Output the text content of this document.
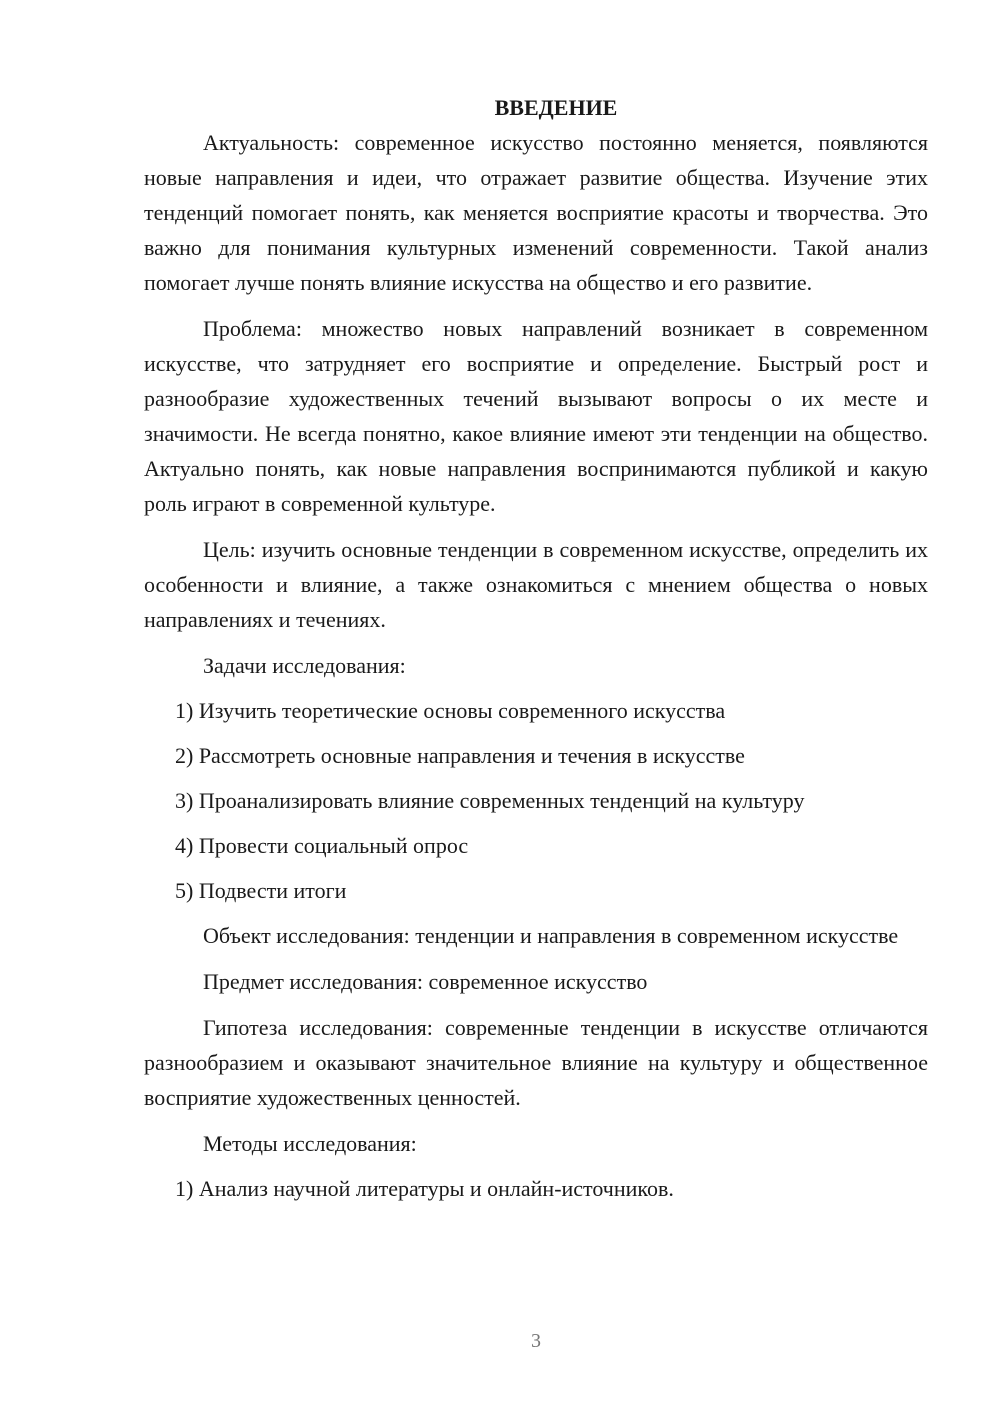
ВВЕДЕНИЕ

Актуальность: современное искусство постоянно меняется, появляются новые направления и идеи, что отражает развитие общества. Изучение этих тенденций помогает понять, как меняется восприятие красоты и творчества. Это важно для понимания культурных изменений современности. Такой анализ помогает лучше понять влияние искусства на общество и его развитие.

Проблема: множество новых направлений возникает в современном искусстве, что затрудняет его восприятие и определение. Быстрый рост и разнообразие художественных течений вызывают вопросы о их месте и значимости. Не всегда понятно, какое влияние имеют эти тенденции на общество. Актуально понять, как новые направления воспринимаются публикой и какую роль играют в современной культуре.

Цель: изучить основные тенденции в современном искусстве, определить их особенности и влияние, а также ознакомиться с мнением общества о новых направлениях и течениях.

Задачи исследования:
1) Изучить теоретические основы современного искусства
2) Рассмотреть основные направления и течения в искусстве
3) Проанализировать влияние современных тенденций на культуру
4) Провести социальный опрос
5) Подвести итоги

Объект исследования: тенденции и направления в современном искусстве

Предмет исследования: современное искусство

Гипотеза исследования: современные тенденции в искусстве отличаются разнообразием и оказывают значительное влияние на культуру и общественное восприятие художественных ценностей.

Методы исследования:
1) Анализ научной литературы и онлайн-источников.
3
